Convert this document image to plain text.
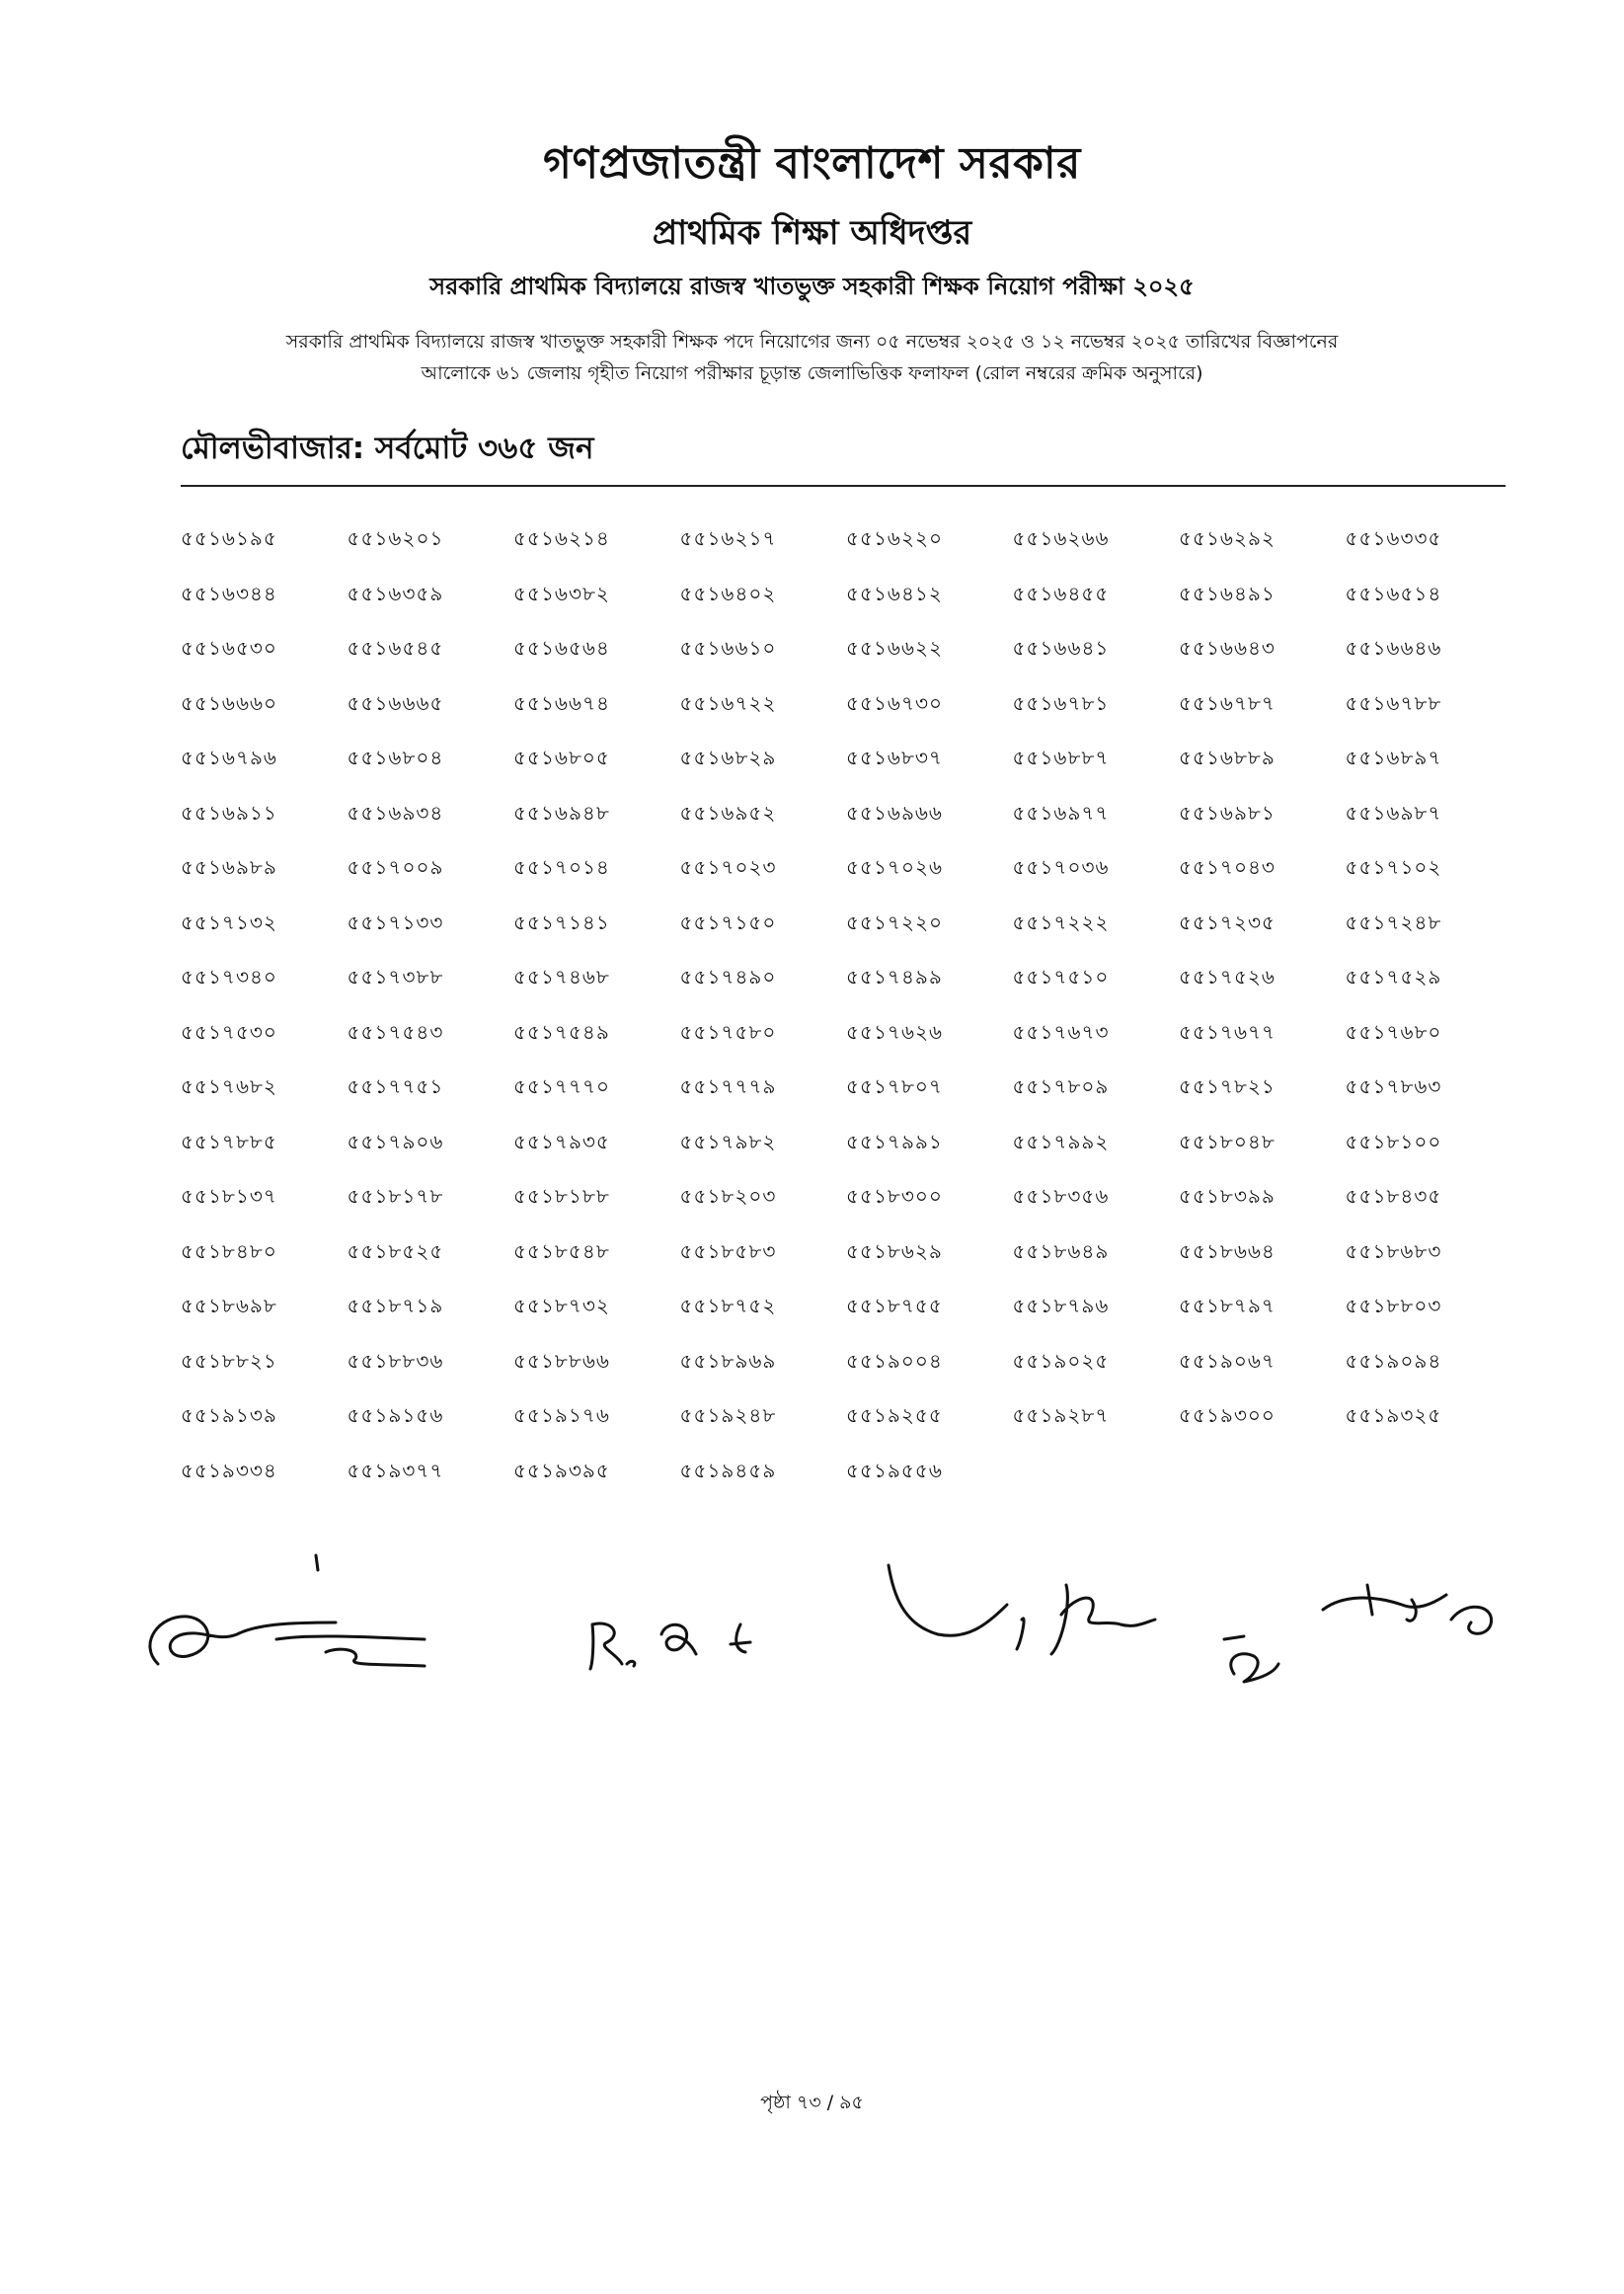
গণপ্রজাতন্ত্রী বাংলাদেশ সরকার
প্রাথমিক শিক্ষা অধিদপ্তর
সরকারি প্রাথমিক বিদ্যালয়ে রাজস্ব খাতভুক্ত সহকারী শিক্ষক নিয়োগ পরীক্ষা ২০২৫
সরকারি প্রাথমিক বিদ্যালয়ে রাজস্ব খাতভুক্ত সহকারী শিক্ষক পদে নিয়োগের জন্য ০৫ নভেম্বর ২০২৫ ও ১২ নভেম্বর ২০২৫ তারিখের বিজ্ঞাপনের
আলোকে ৬১ জেলায় গৃহীত নিয়োগ পরীক্ষার চূড়ান্ত জেলাভিত্তিক ফলাফল (রোল নম্বরের ক্রমিক অনুসারে)
মৌলভীবাজার: সর্বমোট ৩৬৫ জন
৫৫১৬১৯৫	৫৫১৬২০১	৫৫১৬২১৪	৫৫১৬২১৭	৫৫১৬২২০	৫৫১৬২৬৬	৫৫১৬২৯২	৫৫১৬৩৩৫
৫৫১৬৩৪৪	৫৫১৬৩৫৯	৫৫১৬৩৮২	৫৫১৬৪০২	৫৫১৬৪১২	৫৫১৬৪৫৫	৫৫১৬৪৯১	৫৫১৬৫১৪
৫৫১৬৫৩০	৫৫১৬৫৪৫	৫৫১৬৫৬৪	৫৫১৬৬১০	৫৫১৬৬২২	৫৫১৬৬৪১	৫৫১৬৬৪৩	৫৫১৬৬৪৬
৫৫১৬৬৬০	৫৫১৬৬৬৫	৫৫১৬৬৭৪	৫৫১৬৭২২	৫৫১৬৭৩০	৫৫১৬৭৮১	৫৫১৬৭৮৭	৫৫১৬৭৮৮
৫৫১৬৭৯৬	৫৫১৬৮০৪	৫৫১৬৮০৫	৫৫১৬৮২৯	৫৫১৬৮৩৭	৫৫১৬৮৮৭	৫৫১৬৮৮৯	৫৫১৬৮৯৭
৫৫১৬৯১১	৫৫১৬৯৩৪	৫৫১৬৯৪৮	৫৫১৬৯৫২	৫৫১৬৯৬৬	৫৫১৬৯৭৭	৫৫১৬৯৮১	৫৫১৬৯৮৭
৫৫১৬৯৮৯	৫৫১৭০০৯	৫৫১৭০১৪	৫৫১৭০২৩	৫৫১৭০২৬	৫৫১৭০৩৬	৫৫১৭০৪৩	৫৫১৭১০২
৫৫১৭১৩২	৫৫১৭১৩৩	৫৫১৭১৪১	৫৫১৭১৫০	৫৫১৭২২০	৫৫১৭২২২	৫৫১৭২৩৫	৫৫১৭২৪৮
৫৫১৭৩৪০	৫৫১৭৩৮৮	৫৫১৭৪৬৮	৫৫১৭৪৯০	৫৫১৭৪৯৯	৫৫১৭৫১০	৫৫১৭৫২৬	৫৫১৭৫২৯
৫৫১৭৫৩০	৫৫১৭৫৪৩	৫৫১৭৫৪৯	৫৫১৭৫৮০	৫৫১৭৬২৬	৫৫১৭৬৭৩	৫৫১৭৬৭৭	৫৫১৭৬৮০
৫৫১৭৬৮২	৫৫১৭৭৫১	৫৫১৭৭৭০	৫৫১৭৭৭৯	৫৫১৭৮০৭	৫৫১৭৮০৯	৫৫১৭৮২১	৫৫১৭৮৬৩
৫৫১৭৮৮৫	৫৫১৭৯০৬	৫৫১৭৯৩৫	৫৫১৭৯৮২	৫৫১৭৯৯১	৫৫১৭৯৯২	৫৫১৮০৪৮	৫৫১৮১০০
৫৫১৮১৩৭	৫৫১৮১৭৮	৫৫১৮১৮৮	৫৫১৮২০৩	৫৫১৮৩০০	৫৫১৮৩৫৬	৫৫১৮৩৯৯	৫৫১৮৪৩৫
৫৫১৮৪৮০	৫৫১৮৫২৫	৫৫১৮৫৪৮	৫৫১৮৫৮৩	৫৫১৮৬২৯	৫৫১৮৬৪৯	৫৫১৮৬৬৪	৫৫১৮৬৮৩
৫৫১৮৬৯৮	৫৫১৮৭১৯	৫৫১৮৭৩২	৫৫১৮৭৫২	৫৫১৮৭৫৫	৫৫১৮৭৯৬	৫৫১৮৭৯৭	৫৫১৮৮০৩
৫৫১৮৮২১	৫৫১৮৮৩৬	৫৫১৮৮৬৬	৫৫১৮৯৬৯	৫৫১৯০০৪	৫৫১৯০২৫	৫৫১৯০৬৭	৫৫১৯০৯৪
৫৫১৯১৩৯	৫৫১৯১৫৬	৫৫১৯১৭৬	৫৫১৯২৪৮	৫৫১৯২৫৫	৫৫১৯২৮৭	৫৫১৯৩০০	৫৫১৯৩২৫
৫৫১৯৩৩৪	৫৫১৯৩৭৭	৫৫১৯৩৯৫	৫৫১৯৪৫৯	৫৫১৯৫৫৬
পৃষ্ঠা ৭৩ / ৯৫
